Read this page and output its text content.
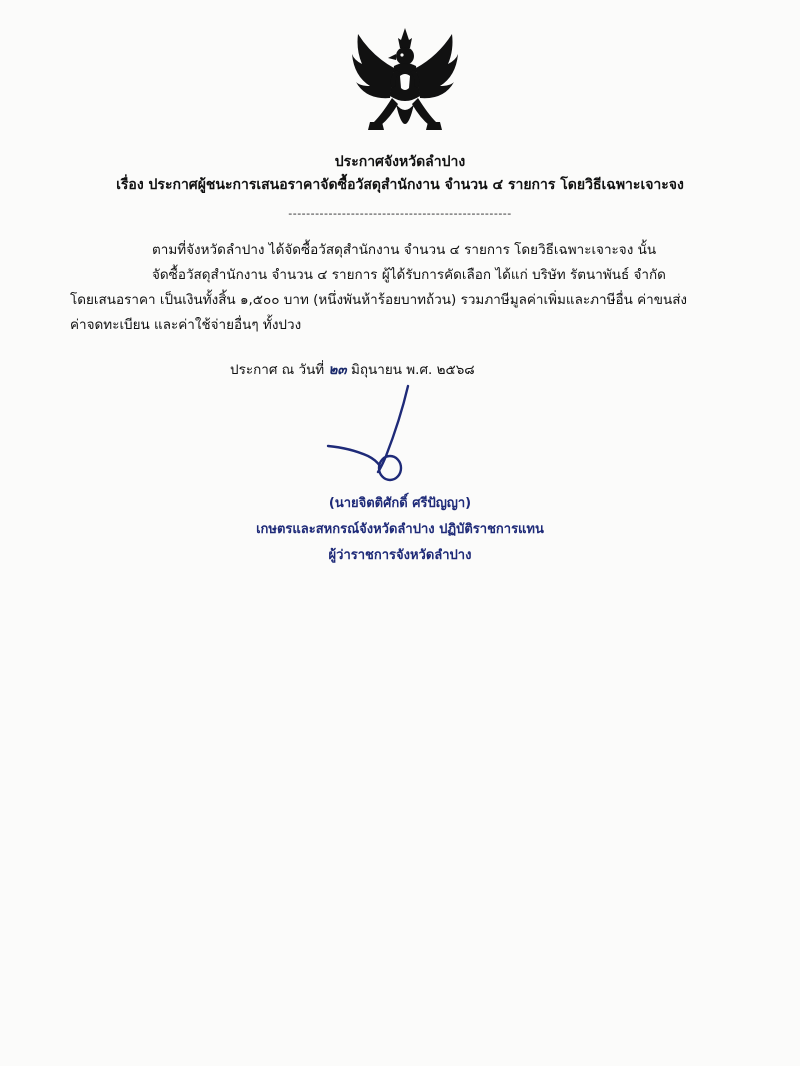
ประกาศจังหวัดลำปาง
เรื่อง ประกาศผู้ชนะการเสนอราคาจัดซื้อวัสดุสำนักงาน จำนวน ๔ รายการ โดยวิธีเฉพาะเจาะจง
--------------------------------------------------
ตามที่จังหวัดลำปาง ได้จัดซื้อวัสดุสำนักงาน จำนวน ๔ รายการ โดยวิธีเฉพาะเจาะจง นั้น
จัดซื้อวัสดุสำนักงาน จำนวน ๔ รายการ ผู้ได้รับการคัดเลือก ได้แก่ บริษัท รัตนาพันธ์ จำกัด
โดยเสนอราคา เป็นเงินทั้งสิ้น ๑,๕๐๐ บาท (หนึ่งพันห้าร้อยบาทถ้วน) รวมภาษีมูลค่าเพิ่มและภาษีอื่น ค่าขนส่ง
ค่าจดทะเบียน และค่าใช้จ่ายอื่นๆ ทั้งปวง
ประกาศ ณ วันที่ ๒๓ มิถุนายน พ.ศ. ๒๕๖๘
(นายจิตติศักดิ์ ศรีปัญญา)
เกษตรและสหกรณ์จังหวัดลำปาง ปฏิบัติราชการแทน
ผู้ว่าราชการจังหวัดลำปาง
